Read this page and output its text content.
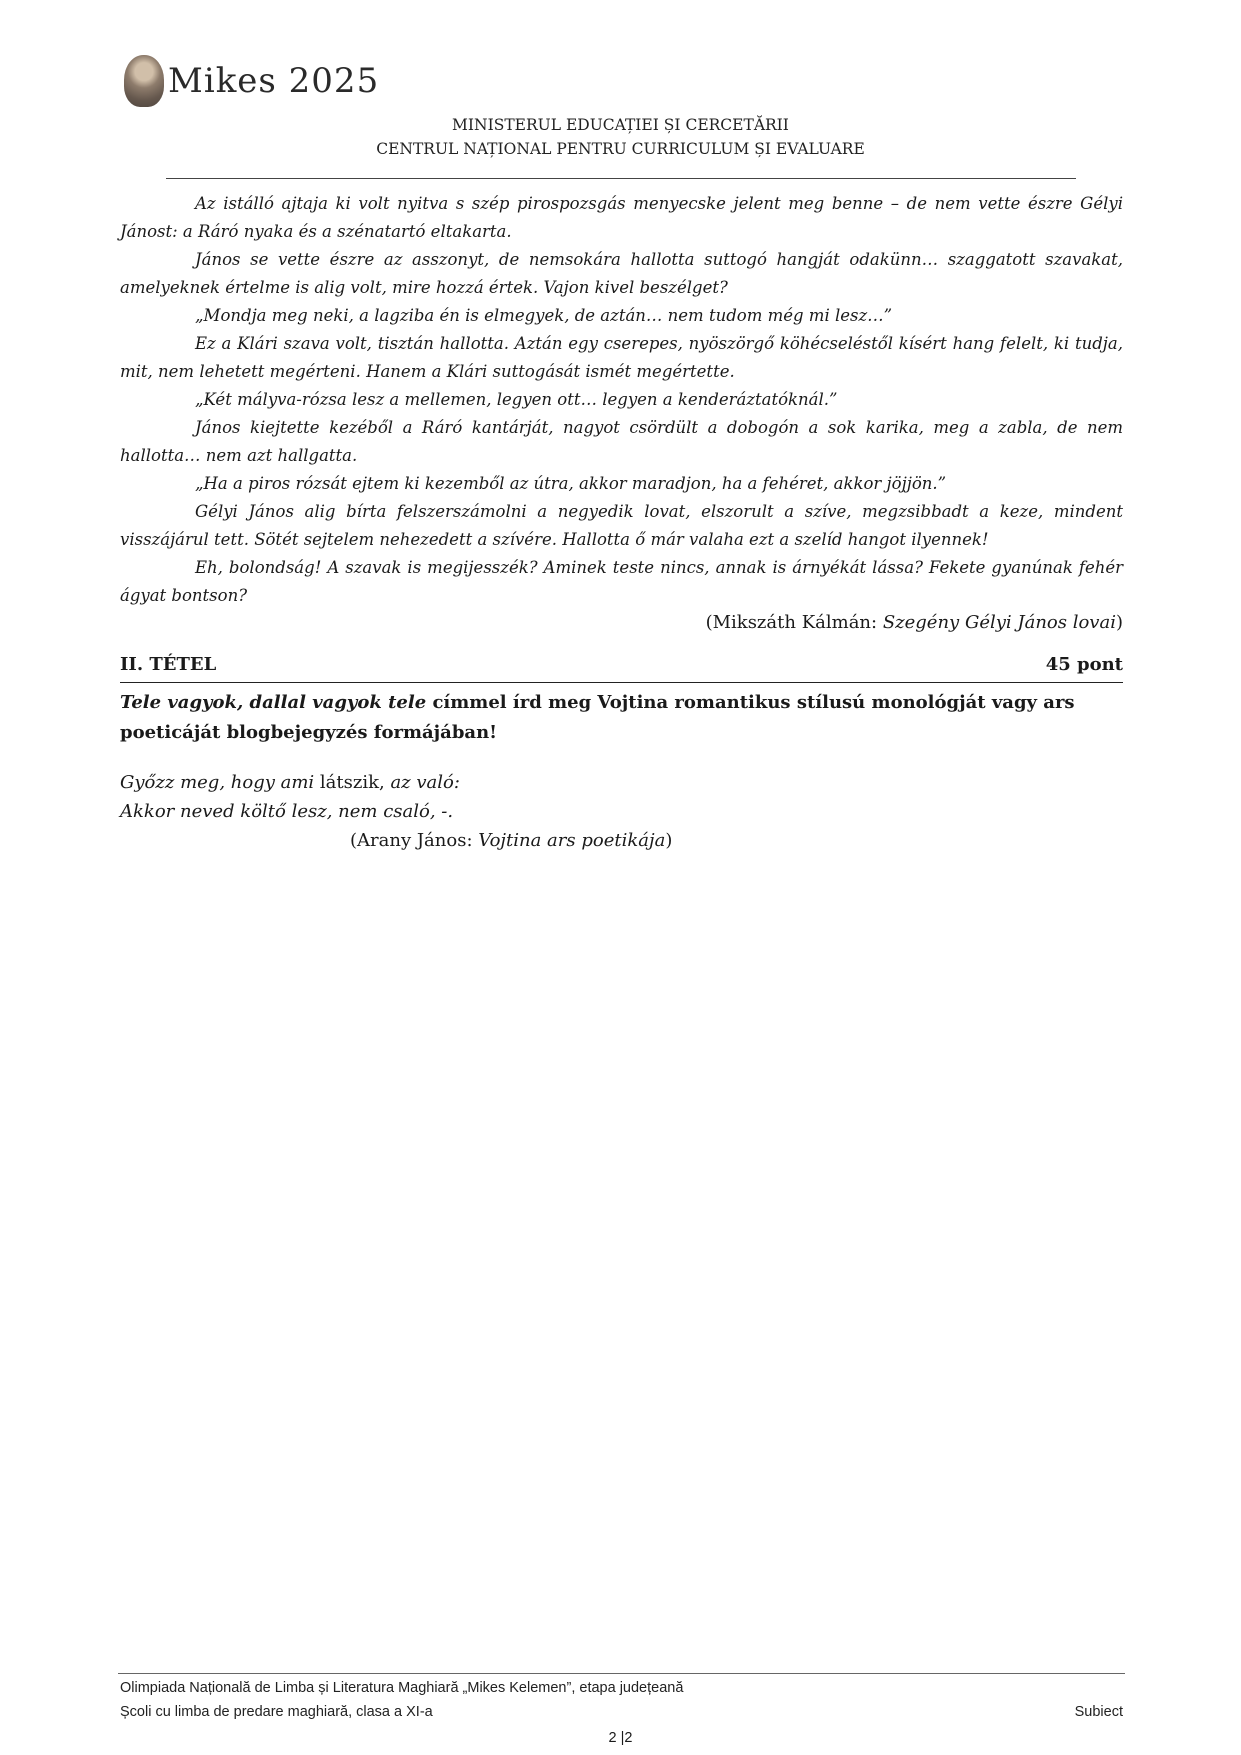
Mikes 2025
MINISTERUL EDUCAȚIEI ȘI CERCETĂRII
CENTRUL NAȚIONAL PENTRU CURRICULUM ȘI EVALUARE

Az istálló ajtaja ki volt nyitva s szép pirospozsgás menyecske jelent meg benne – de nem vette észre Gélyi Jánost: a Ráró nyaka és a szénatartó eltakarta.

János se vette észre az asszonyt, de nemsokára hallotta suttogó hangját odakünn… szaggatott szavakat, amelyeknek értelme is alig volt, mire hozzá értek. Vajon kivel beszélget?

„Mondja meg neki, a lagziba én is elmegyek, de aztán… nem tudom még mi lesz…”

Ez a Klári szava volt, tisztán hallotta. Aztán egy cserepes, nyöszörgő köhécseléstől kísért hang felelt, ki tudja, mit, nem lehetett megérteni. Hanem a Klári suttogását ismét megértette.

„Két mályva-rózsa lesz a mellemen, legyen ott… legyen a kenderáztatóknál.”

János kiejtette kezéből a Ráró kantárját, nagyot csördült a dobogón a sok karika, meg a zabla, de nem hallotta… nem azt hallgatta.

„Ha a piros rózsát ejtem ki kezemből az útra, akkor maradjon, ha a fehéret, akkor jöjjön.”

Gélyi János alig bírta felszerszámolni a negyedik lovat, elszorult a szíve, megzsibbadt a keze, mindent visszájárul tett. Sötét sejtelem nehezedett a szívére. Hallotta ő már valaha ezt a szelíd hangot ilyennek!

Eh, bolondság! A szavak is megijesszék? Aminek teste nincs, annak is árnyékát lássa? Fekete gyanúnak fehér ágyat bontson?

(Mikszáth Kálmán: Szegény Gélyi János lovai)
II. TÉTEL	45 pont
Tele vagyok, dallal vagyok tele címmel írd meg Vojtina romantikus stílusú monológját vagy ars poeticáját blogbejegyzés formájában!
Győzz meg, hogy ami látszik, az való:
Akkor neved költő lesz, nem csaló, -.
(Arany János: Vojtina ars poetikája)
Olimpiada Națională de Limba și Literatura Maghiară „Mikes Kelemen”, etapa județeană
Școli cu limba de predare maghiară, clasa a XI-a	Subiect
2 |2
